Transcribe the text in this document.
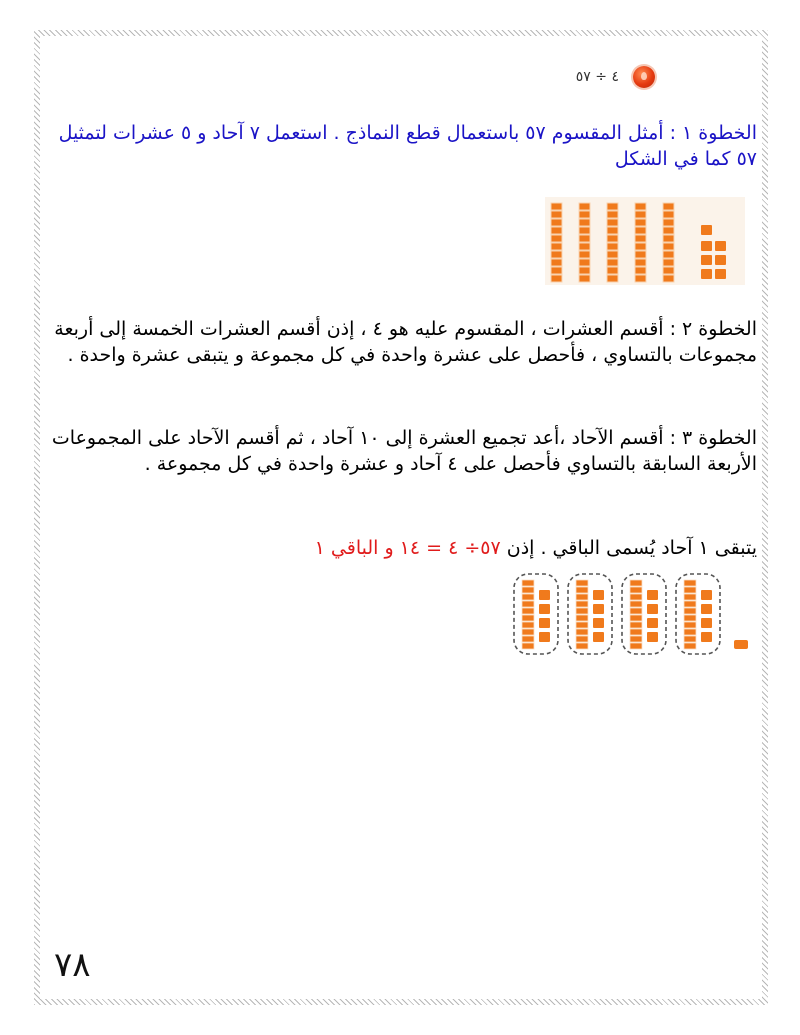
٤ ÷ ٥٧

الخطوة ١ : أمثل المقسوم ٥٧ باستعمال قطع النماذج . استعمل ٧ آحاد و ٥ عشرات لتمثيل ٥٧ كما في الشكل

الخطوة ٢ : أقسم العشرات ، المقسوم عليه هو ٤ ، إذن أقسم العشرات الخمسة إلى أربعة مجموعات بالتساوي ، فأحصل على عشرة واحدة في كل مجموعة و يتبقى عشرة واحدة .

الخطوة ٣ : أقسم الآحاد ،أعد تجميع العشرة إلى ١٠ آحاد ، ثم أقسم الآحاد على المجموعات الأربعة السابقة بالتساوي فأحصل على ٤ آحاد و عشرة واحدة في كل مجموعة .

يتبقى ١ آحاد يُسمى الباقي . إذن ٥٧÷ ٤ = ١٤ و الباقي ١

٧٨
